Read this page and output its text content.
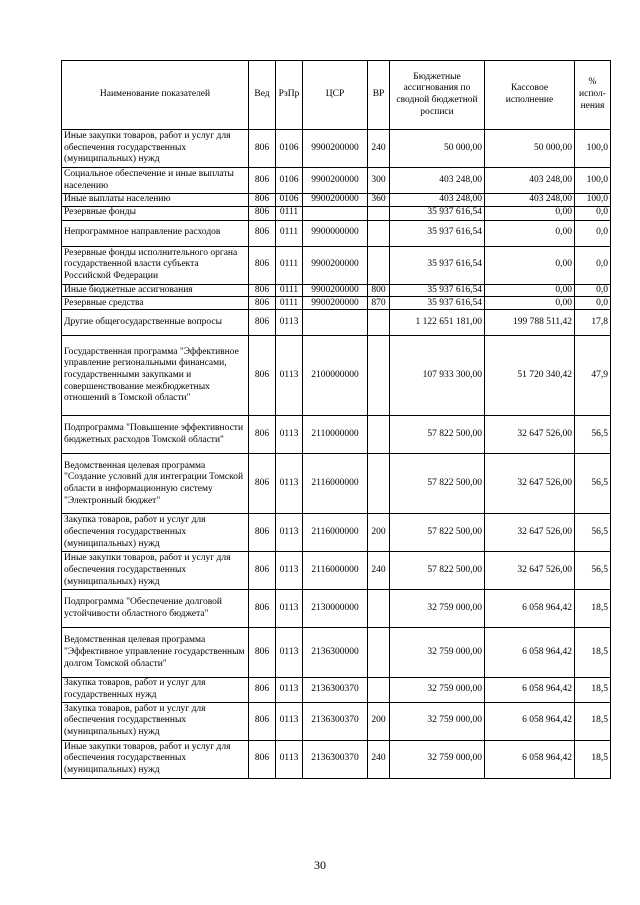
Наименование показателей	Вед	РзПр	ЦСР	ВР	Бюджетные ассигнования по сводной бюджетной росписи	Кассовое исполнение	% испол-нения
Иные закупки товаров, работ и услуг для обеспечения государственных (муниципальных) нужд	806	0106	9900200000	240	50 000,00	50 000,00	100,0
Социальное обеспечение и иные выплаты населению	806	0106	9900200000	300	403 248,00	403 248,00	100,0
Иные выплаты населению	806	0106	9900200000	360	403 248,00	403 248,00	100,0
Резервные фонды	806	0111			35 937 616,54	0,00	0,0
Непрограммное направление расходов	806	0111	9900000000		35 937 616,54	0,00	0,0
Резервные фонды исполнительного органа государственной власти субъекта Российской Федерации	806	0111	9900200000		35 937 616,54	0,00	0,0
Иные бюджетные ассигнования	806	0111	9900200000	800	35 937 616,54	0,00	0,0
Резервные средства	806	0111	9900200000	870	35 937 616,54	0,00	0,0
Другие общегосударственные вопросы	806	0113			1 122 651 181,00	199 788 511,42	17,8
Государственная программа "Эффективное управление региональными финансами, государственными закупками и совершенствование межбюджетных отношений в Томской области"	806	0113	2100000000		107 933 300,00	51 720 340,42	47,9
Подпрограмма "Повышение эффективности бюджетных расходов Томской области"	806	0113	2110000000		57 822 500,00	32 647 526,00	56,5
Ведомственная целевая программа "Создание условий для интеграции Томской области в информационную систему "Электронный бюджет"	806	0113	2116000000		57 822 500,00	32 647 526,00	56,5
Закупка товаров, работ и услуг для обеспечения государственных (муниципальных) нужд	806	0113	2116000000	200	57 822 500,00	32 647 526,00	56,5
Иные закупки товаров, работ и услуг для обеспечения государственных (муниципальных) нужд	806	0113	2116000000	240	57 822 500,00	32 647 526,00	56,5
Подпрограмма "Обеспечение долговой устойчивости областного бюджета"	806	0113	2130000000		32 759 000,00	6 058 964,42	18,5
Ведомственная целевая программа "Эффективное управление государственным долгом Томской области"	806	0113	2136300000		32 759 000,00	6 058 964,42	18,5
Закупка товаров, работ и услуг для государственных нужд	806	0113	2136300370		32 759 000,00	6 058 964,42	18,5
Закупка товаров, работ и услуг для обеспечения государственных (муниципальных) нужд	806	0113	2136300370	200	32 759 000,00	6 058 964,42	18,5
Иные закупки товаров, работ и услуг для обеспечения государственных (муниципальных) нужд	806	0113	2136300370	240	32 759 000,00	6 058 964,42	18,5
30
